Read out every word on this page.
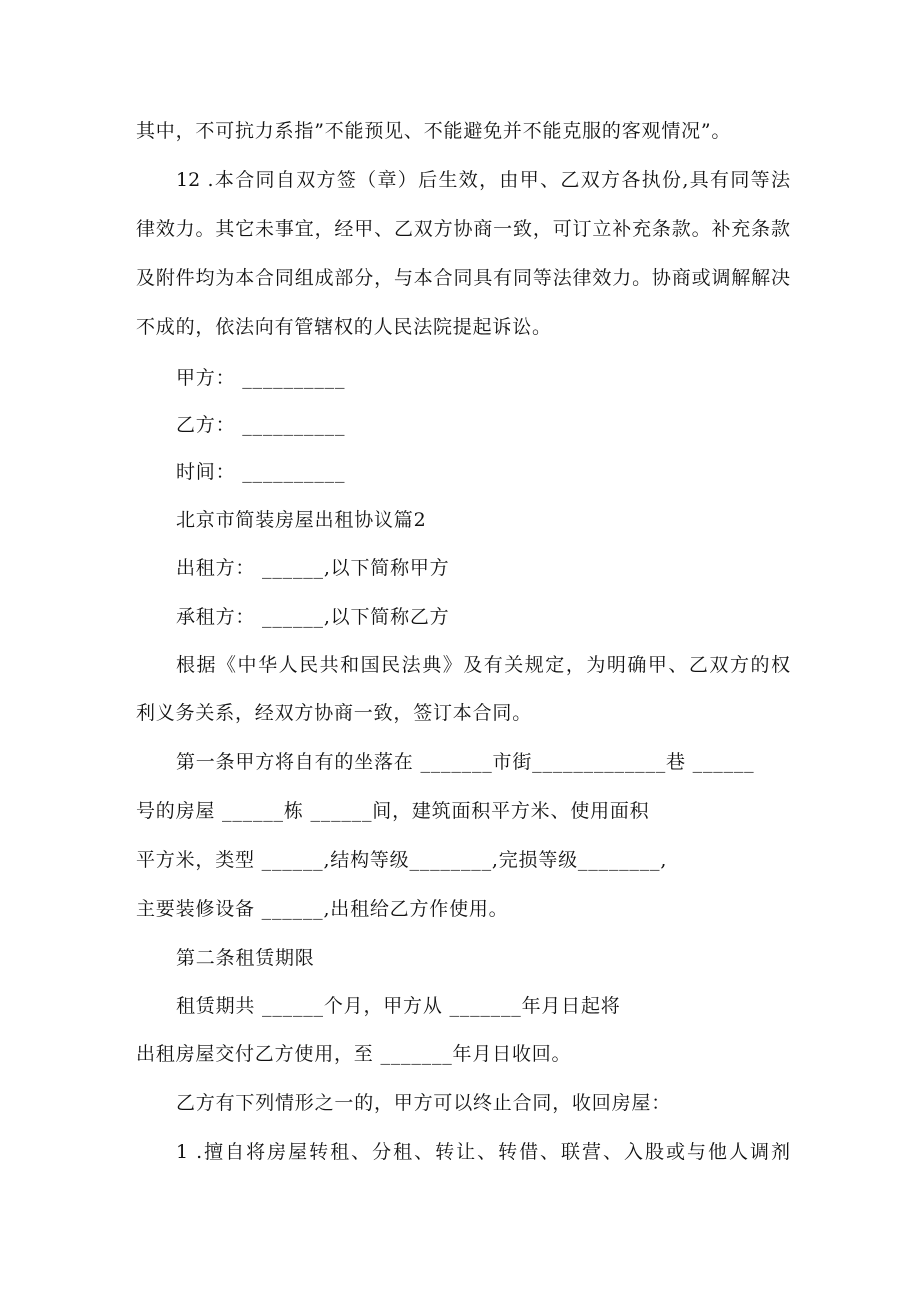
其中，不可抗力系指”不能预见、不能避免并不能克服的客观情况”。
12 .本合同自双方签（章）后生效，由甲、乙双方各执份,具有同等法
律效力。其它未事宜，经甲、乙双方协商一致，可订立补充条款。补充条款
及附件均为本合同组成部分，与本合同具有同等法律效力。协商或调解解决
不成的，依法向有管辖权的人民法院提起诉讼。
甲方： __________
乙方： __________
时间： __________
北京市简装房屋出租协议篇2
出租方： ______,以下简称甲方
承租方： ______,以下简称乙方
根据《中华人民共和国民法典》及有关规定，为明确甲、乙双方的权
利义务关系，经双方协商一致，签订本合同。
第一条甲方将自有的坐落在 _______市街_____________巷 ______
号的房屋 ______栋 ______间，建筑面积平方米、使用面积
平方米，类型 ______,结构等级________,完损等级________,
主要装修设备 ______,出租给乙方作使用。
第二条租赁期限
租赁期共 ______个月，甲方从 _______年月日起将
出租房屋交付乙方使用，至 _______年月日收回。
乙方有下列情形之一的，甲方可以终止合同，收回房屋：
1 .擅自将房屋转租、分租、转让、转借、联营、入股或与他人调剂
